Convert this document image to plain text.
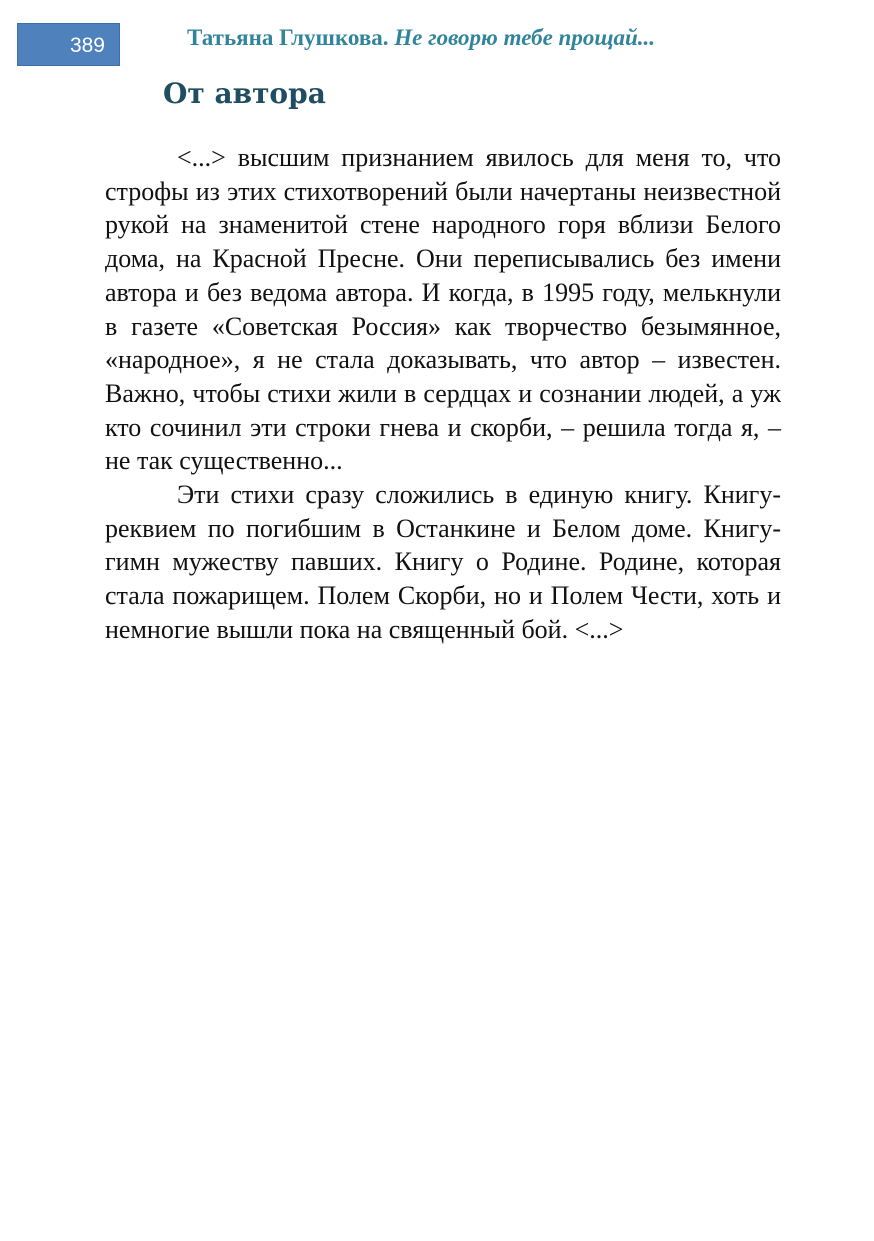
389	Татьяна Глушкова. Не говорю тебе прощай...
От автора

<...> высшим признанием явилось для меня то, что строфы из этих стихотворений были начертаны неизвестной рукой на знаменитой стене народного горя вблизи Белого дома, на Красной Пресне. Они переписывались без имени автора и без ведома автора. И когда, в 1995 году, мелькнули в газете «Советская Россия» как творчество безымянное, «народное», я не стала доказывать, что автор – известен. Важно, чтобы стихи жили в сердцах и сознании людей, а уж кто сочинил эти строки гнева и скорби, – решила тогда я, – не так существенно...

Эти стихи сразу сложились в единую книгу. Книгу-реквием по погибшим в Останкине и Белом доме. Книгу-гимн мужеству павших. Книгу о Родине. Родине, которая стала пожарищем. Полем Скорби, но и Полем Чести, хоть и немногие вышли пока на священный бой. <...>
